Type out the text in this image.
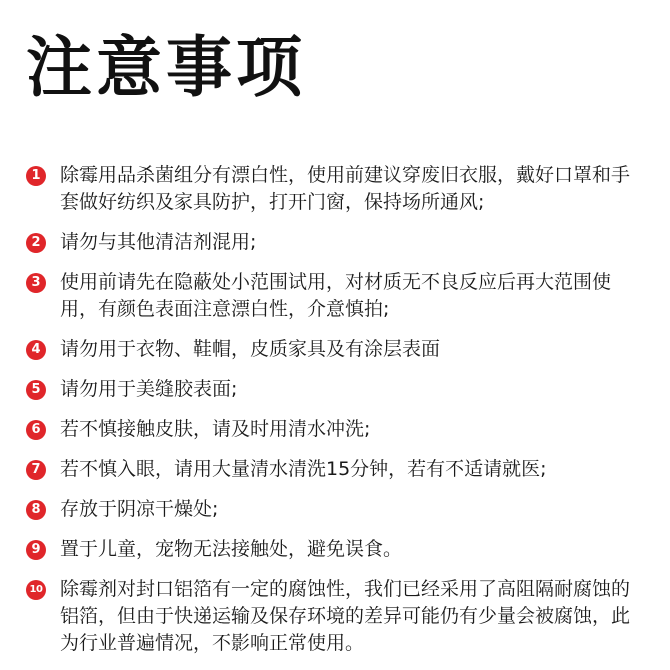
注意事项
1 除霉用品杀菌组分有漂白性，使用前建议穿废旧衣服，戴好口罩和手套做好纺织及家具防护，打开门窗，保持场所通风;
2 请勿与其他清洁剂混用;
3 使用前请先在隐蔽处小范围试用，对材质无不良反应后再大范围使用，有颜色表面注意漂白性，介意慎拍;
4 请勿用于衣物、鞋帽，皮质家具及有涂层表面
5 请勿用于美缝胶表面;
6 若不慎接触皮肤，请及时用清水冲洗;
7 若不慎入眼，请用大量清水清洗15分钟，若有不适请就医;
8 存放于阴凉干燥处;
9 置于儿童，宠物无法接触处，避免误食。
10 除霉剂对封口铝箔有一定的腐蚀性，我们已经采用了高阻隔耐腐蚀的铝箔，但由于快递运输及保存环境的差异可能仍有少量会被腐蚀，此为行业普遍情况，不影响正常使用。
